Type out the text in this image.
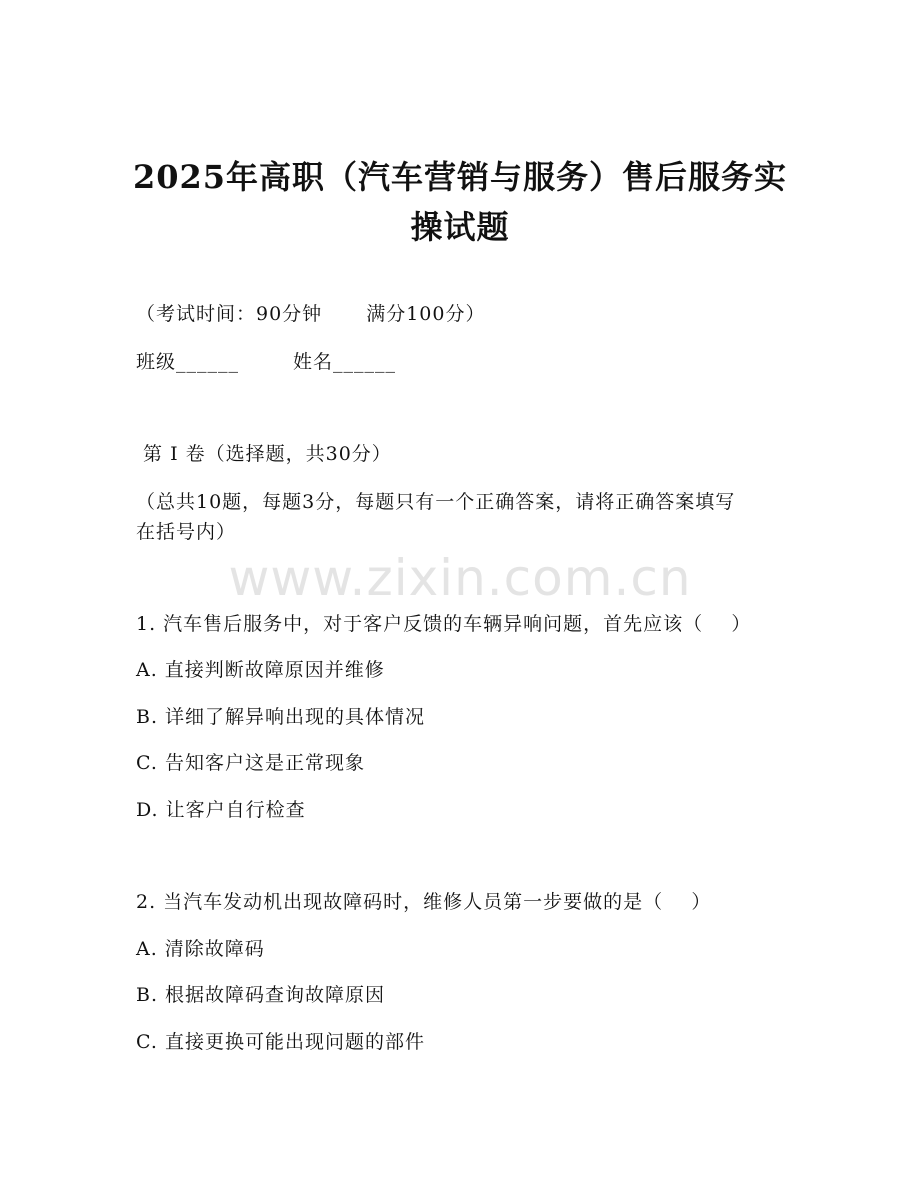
2025年高职（汽车营销与服务）售后服务实
操试题
（考试时间：90分钟 满分100分）
班级______	姓名______
第 I 卷（选择题，共30分）
（总共10题，每题3分，每题只有一个正确答案，请将正确答案填写
在括号内）
www.zixin.com.cn
1. 汽车售后服务中，对于客户反馈的车辆异响问题，首先应该（    ）
A. 直接判断故障原因并维修
B. 详细了解异响出现的具体情况
C. 告知客户这是正常现象
D. 让客户自行检查
2. 当汽车发动机出现故障码时，维修人员第一步要做的是（    ）
A. 清除故障码
B. 根据故障码查询故障原因
C. 直接更换可能出现问题的部件
